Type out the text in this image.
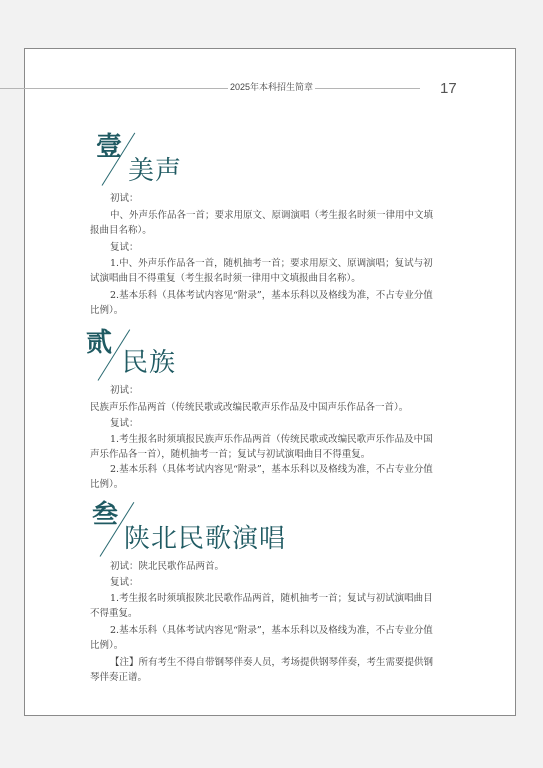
2025年本科招生简章	17
壹
美声
初试：
中、外声乐作品各一首；要求用原文、原调演唱（考生报名时须一律用中文填报曲目名称）。
复试：
1.中、外声乐作品各一首，随机抽考一首；要求用原文、原调演唱；复试与初试演唱曲目不得重复（考生报名时须一律用中文填报曲目名称）。
2.基本乐科（具体考试内容见“附录”，基本乐科以及格线为准，不占专业分值比例）。
贰
民族
初试：
民族声乐作品两首（传统民歌或改编民歌声乐作品及中国声乐作品各一首）。
复试：
1.考生报名时须填报民族声乐作品两首（传统民歌或改编民歌声乐作品及中国声乐作品各一首），随机抽考一首；复试与初试演唱曲目不得重复。
2.基本乐科（具体考试内容见“附录”，基本乐科以及格线为准，不占专业分值比例）。
叁
陕北民歌演唱
初试：陕北民歌作品两首。
复试：
1.考生报名时须填报陕北民歌作品两首，随机抽考一首；复试与初试演唱曲目不得重复。
2.基本乐科（具体考试内容见“附录”，基本乐科以及格线为准，不占专业分值比例）。
【注】所有考生不得自带钢琴伴奏人员，考场提供钢琴伴奏，考生需要提供钢琴伴奏正谱。
